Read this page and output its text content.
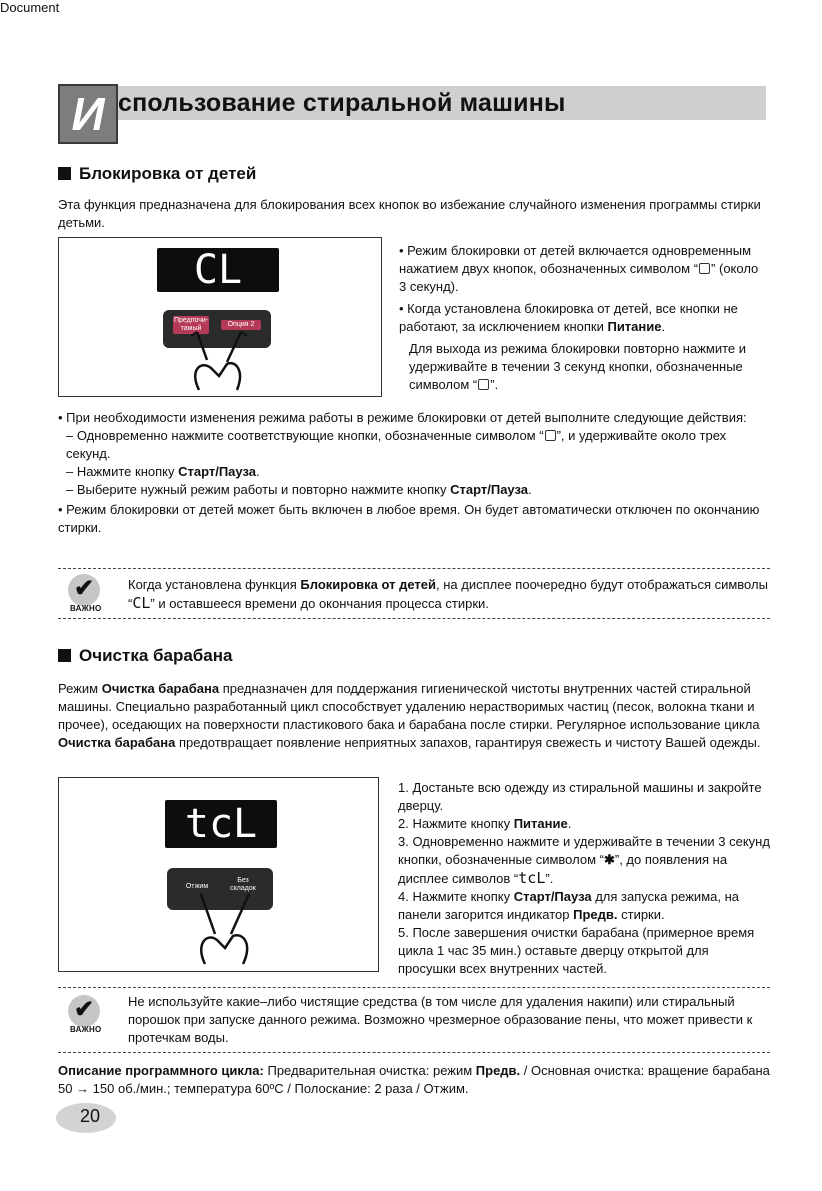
Document
И спользование стиральной машины
Блокировка от детей
Эта функция предназначена для блокирования всех кнопок во избежание случайного изменения программы стирки детьми.
CL
Предпочи-тамый
Опция 2
• Режим блокировки от детей включается одновременным нажатием двух кнопок, обозначенных символом “ ” (около 3 секунд).
• Когда установлена блокировка от детей, все кнопки не работают, за исключением кнопки Питание.
Для выхода из режима блокировки повторно нажмите и удерживайте в течении 3 секунд кнопки, обозначенные символом “ ”.
• При необходимости изменения режима работы в режиме блокировки от детей выполните следующие действия:
– Одновременно нажмите соответствующие кнопки, обозначенные символом “ ”, и удерживайте около трех секунд.
– Нажмите кнопку Старт/Пауза.
– Выберите нужный режим работы и повторно нажмите кнопку Старт/Пауза.
• Режим блокировки от детей может быть включен в любое время. Он будет автоматически отключен по окончанию стирки.
✔
ВАЖНО
Когда установлена функция Блокировка от детей, на дисплее поочередно будут отображаться символы “CL” и оставшееся времени до окончания процесса стирки.
Очистка барабана
Режим Очистка барабана предназначен для поддержания гигиенической чистоты внутренних частей стиральной машины. Специально разработанный цикл способствует удалению нерастворимых частиц (песок, волокна ткани и прочее), оседающих на поверхности пластикового бака и барабана после стирки. Регулярное использование цикла Очистка барабана предотвращает появление неприятных запахов, гарантируя свежесть и чистоту Вашей одежды.
tcL
Отжим
Без складок
1. Достаньте всю одежду из стиральной машины и закройте дверцу.
2. Нажмите кнопку Питание.
3. Одновременно нажмите и удерживайте в течении 3 секунд кнопки, обозначенные символом “✱”, до появления на дисплее символов “tcL”.
4. Нажмите кнопку Старт/Пауза для запуска режима, на панели загорится индикатор Предв. стирки.
5. После завершения очистки барабана (примерное время цикла 1 час 35 мин.) оставьте дверцу открытой для просушки всех внутренних частей.
✔
ВАЖНО
Не используйте какие–либо чистящие средства (в том числе для удаления накипи) или стиральный порошок при запуске данного режима. Возможно чрезмерное образование пены, что может привести к протечкам воды.
Описание программного цикла: Предварительная очистка: режим Предв. / Основная очистка: вращение барабана 50 → 150 об./мин.; температура 60ºC / Полоскание: 2 раза / Отжим.
20
